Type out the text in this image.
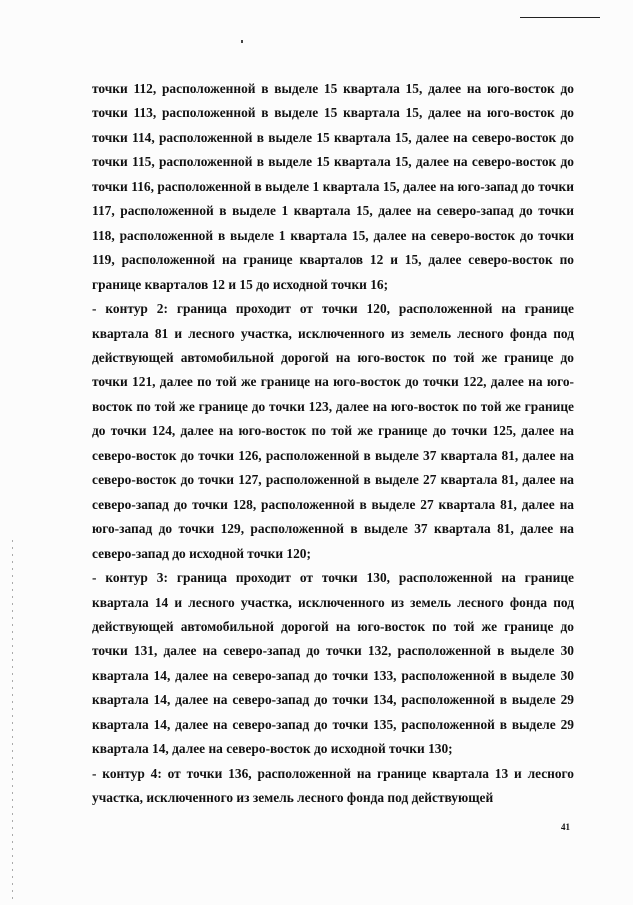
точки 112, расположенной в выделе 15 квартала 15, далее на юго-восток до точки 113, расположенной в выделе 15 квартала 15, далее на юго-восток до точки 114, расположенной в выделе 15 квартала 15, далее на северо-восток до точки 115, расположенной в выделе 15 квартала 15, далее на северо-восток до точки 116, расположенной в выделе 1 квартала 15, далее на юго-запад до точки 117, расположенной в выделе 1 квартала 15, далее на северо-запад до точки 118, расположенной в выделе 1 квартала 15, далее на северо-восток до точки 119, расположенной на границе кварталов 12 и 15, далее северо-восток по границе кварталов 12 и 15 до исходной точки 16;

- контур 2: граница проходит от точки 120, расположенной на границе квартала 81 и лесного участка, исключенного из земель лесного фонда под действующей автомобильной дорогой на юго-восток по той же границе до точки 121, далее по той же границе на юго-восток до точки 122, далее на юго-восток по той же границе до точки 123, далее на юго-восток по той же границе до точки 124, далее на юго-восток по той же границе до точки 125, далее на северо-восток до точки 126, расположенной в выделе 37 квартала 81, далее на северо-восток до точки 127, расположенной в выделе 27 квартала 81, далее на северо-запад до точки 128, расположенной в выделе 27 квартала 81, далее на юго-запад до точки 129, расположенной в выделе 37 квартала 81, далее на северо-запад до исходной точки 120;

- контур 3: граница проходит от точки 130, расположенной на границе квартала 14 и лесного участка, исключенного из земель лесного фонда под действующей автомобильной дорогой на юго-восток по той же границе до точки 131, далее на северо-запад до точки 132, расположенной в выделе 30 квартала 14, далее на северо-запад до точки 133, расположенной в выделе 30 квартала 14, далее на северо-запад до точки 134, расположенной в выделе 29 квартала 14, далее на северо-запад до точки 135, расположенной в выделе 29 квартала 14, далее на северо-восток до исходной точки 130;

- контур 4: от точки 136, расположенной на границе квартала 13 и лесного участка, исключенного из земель лесного фонда под действующей

41
